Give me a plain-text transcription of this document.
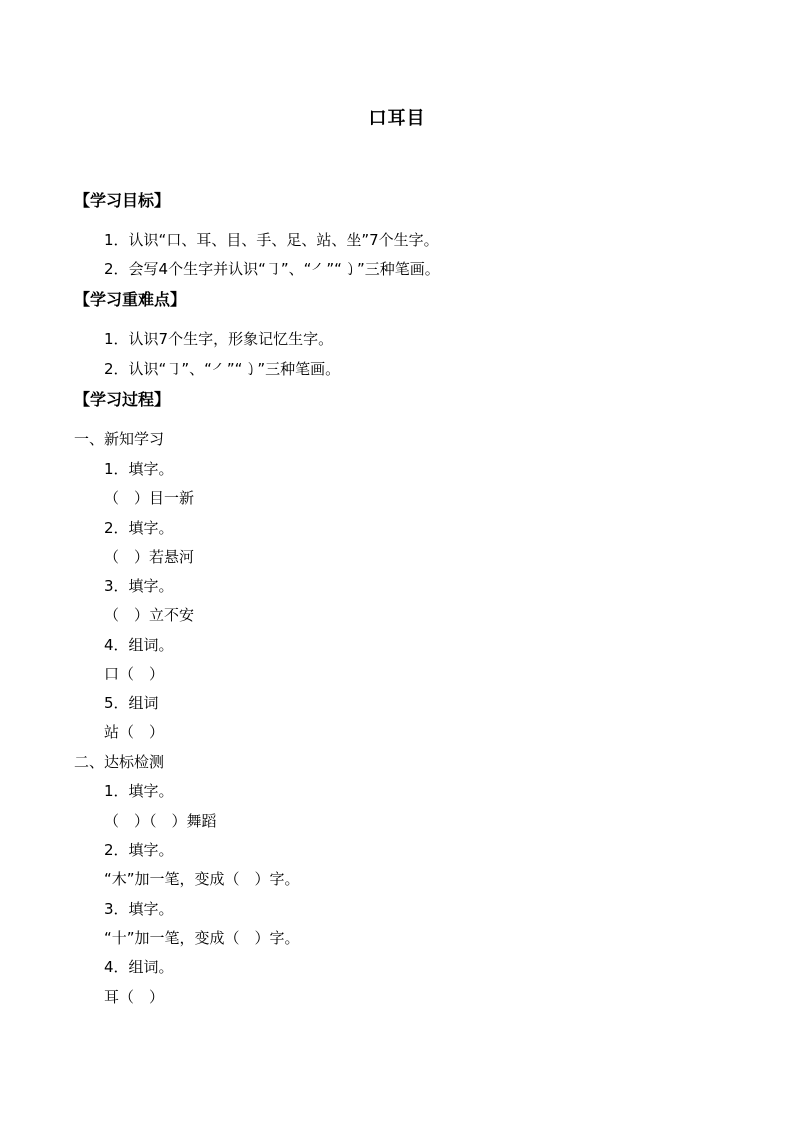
口耳目
【学习目标】
1．认识“口、耳、目、手、足、站、坐”7个生字。
2．会写4个生字并认识“㇆”、“㇒”“㇁”三种笔画。
【学习重难点】
1．认识7个生字，形象记忆生字。
2．认识“㇆”、“㇒”“㇁”三种笔画。
【学习过程】
一、新知学习
1．填字。
（　）目一新
2．填字。
（　）若悬河
3．填字。
（　）立不安
4．组词。
口（　）
5．组词
站（　）
二、达标检测
1．填字。
（　）（　）舞蹈
2．填字。
“木”加一笔，变成（　）字。
3．填字。
“十”加一笔，变成（　）字。
4．组词。
耳（　）
